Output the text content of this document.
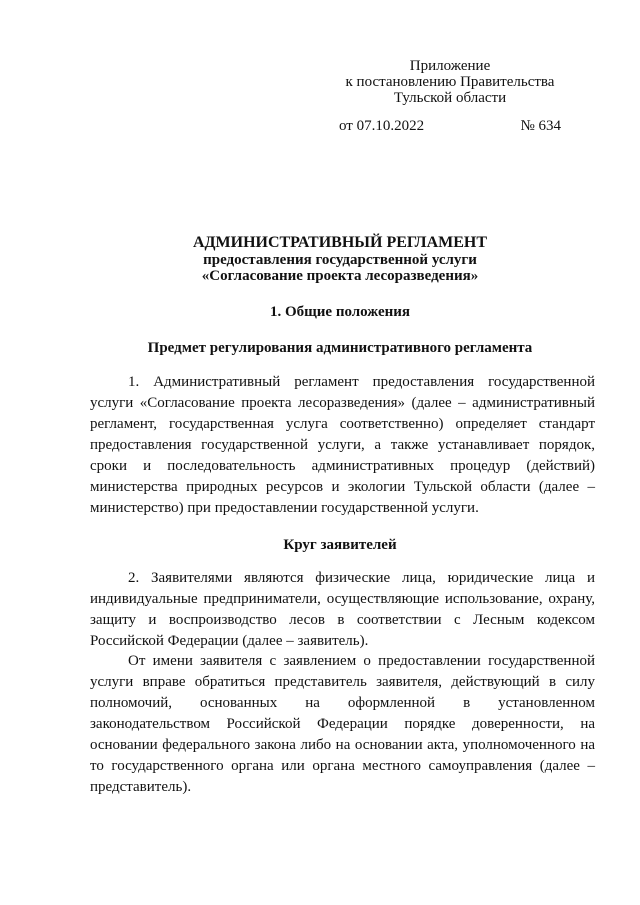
Приложение
к постановлению Правительства
Тульской области
от 07.10.2022	№ 634
АДМИНИСТРАТИВНЫЙ РЕГЛАМЕНТ
предоставления государственной услуги
«Согласование проекта лесоразведения»
1. Общие положения
Предмет регулирования административного регламента

1. Административный регламент предоставления государственной услуги «Согласование проекта лесоразведения» (далее – административный регламент, государственная услуга соответственно) определяет стандарт предоставления государственной услуги, а также устанавливает порядок, сроки и последовательность административных процедур (действий) министерства природных ресурсов и экологии Тульской области (далее – министерство) при предоставлении государственной услуги.

Круг заявителей

2. Заявителями являются физические лица, юридические лица и индивидуальные предприниматели, осуществляющие использование, охрану, защиту и воспроизводство лесов в соответствии с Лесным кодексом Российской Федерации (далее – заявитель).

От имени заявителя с заявлением о предоставлении государственной услуги вправе обратиться представитель заявителя, действующий в силу полномочий, основанных на оформленной в установленном законодательством Российской Федерации порядке доверенности, на основании федерального закона либо на основании акта, уполномоченного на то государственного органа или органа местного самоуправления (далее – представитель).
